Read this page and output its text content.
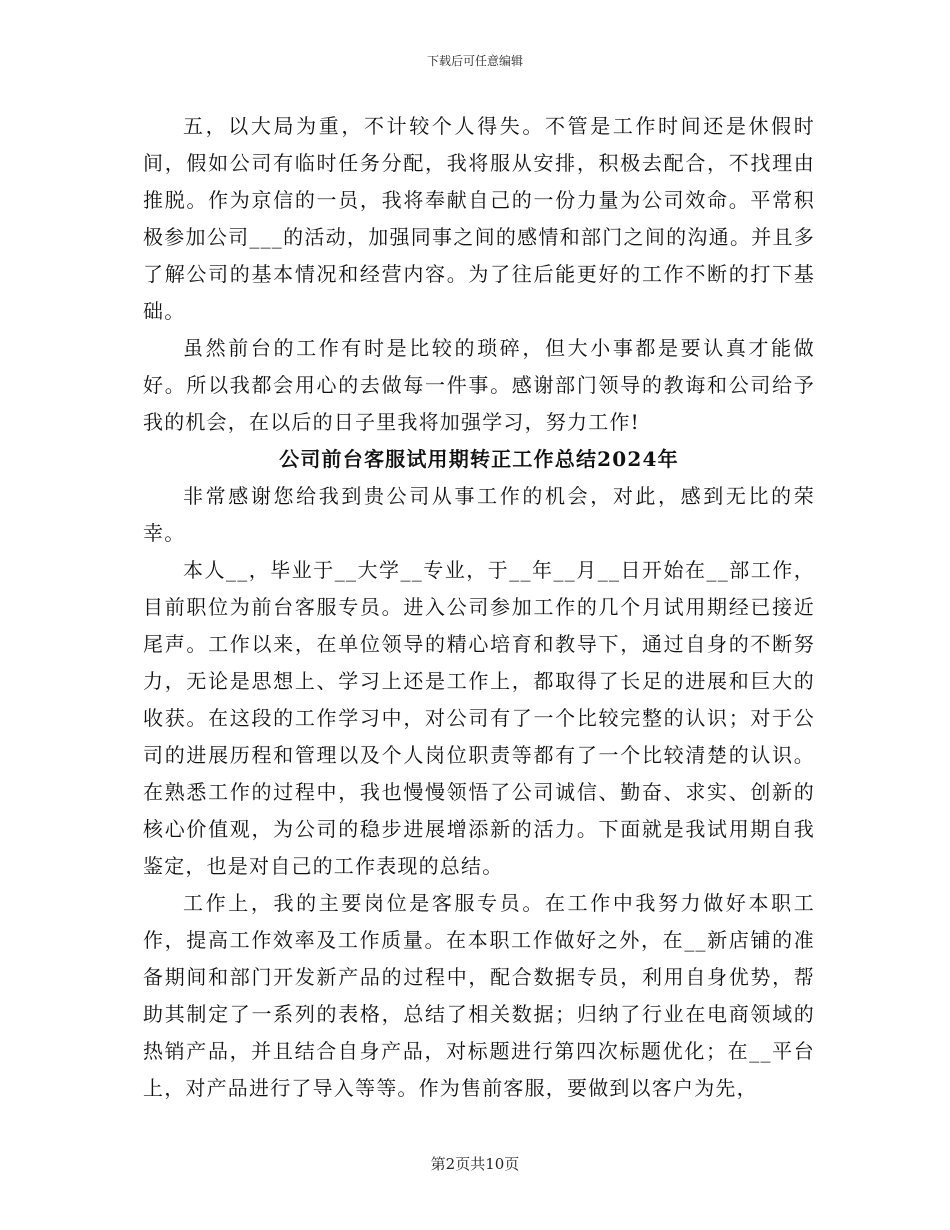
下载后可任意编辑

五，以大局为重，不计较个人得失。不管是工作时间还是休假时间，假如公司有临时任务分配，我将服从安排，积极去配合，不找理由推脱。作为京信的一员，我将奉献自己的一份力量为公司效命。平常积极参加公司___的活动，加强同事之间的感情和部门之间的沟通。并且多了解公司的基本情况和经营内容。为了往后能更好的工作不断的打下基础。

虽然前台的工作有时是比较的琐碎，但大小事都是要认真才能做好。所以我都会用心的去做每一件事。感谢部门领导的教诲和公司给予我的机会，在以后的日子里我将加强学习，努力工作!

公司前台客服试用期转正工作总结2024年

非常感谢您给我到贵公司从事工作的机会，对此，感到无比的荣幸。

本人__，毕业于__大学__专业，于__年__月__日开始在__部工作，目前职位为前台客服专员。进入公司参加工作的几个月试用期经已接近尾声。工作以来，在单位领导的精心培育和教导下，通过自身的不断努力，无论是思想上、学习上还是工作上，都取得了长足的进展和巨大的收获。在这段的工作学习中，对公司有了一个比较完整的认识；对于公司的进展历程和管理以及个人岗位职责等都有了一个比较清楚的认识。在熟悉工作的过程中，我也慢慢领悟了公司诚信、勤奋、求实、创新的核心价值观，为公司的稳步进展增添新的活力。下面就是我试用期自我鉴定，也是对自己的工作表现的总结。

工作上，我的主要岗位是客服专员。在工作中我努力做好本职工作，提高工作效率及工作质量。在本职工作做好之外，在__新店铺的准备期间和部门开发新产品的过程中，配合数据专员，利用自身优势，帮助其制定了一系列的表格，总结了相关数据；归纳了行业在电商领域的热销产品，并且结合自身产品，对标题进行第四次标题优化；在__平台上，对产品进行了导入等等。作为售前客服，要做到以客户为先，

第2页共10页
